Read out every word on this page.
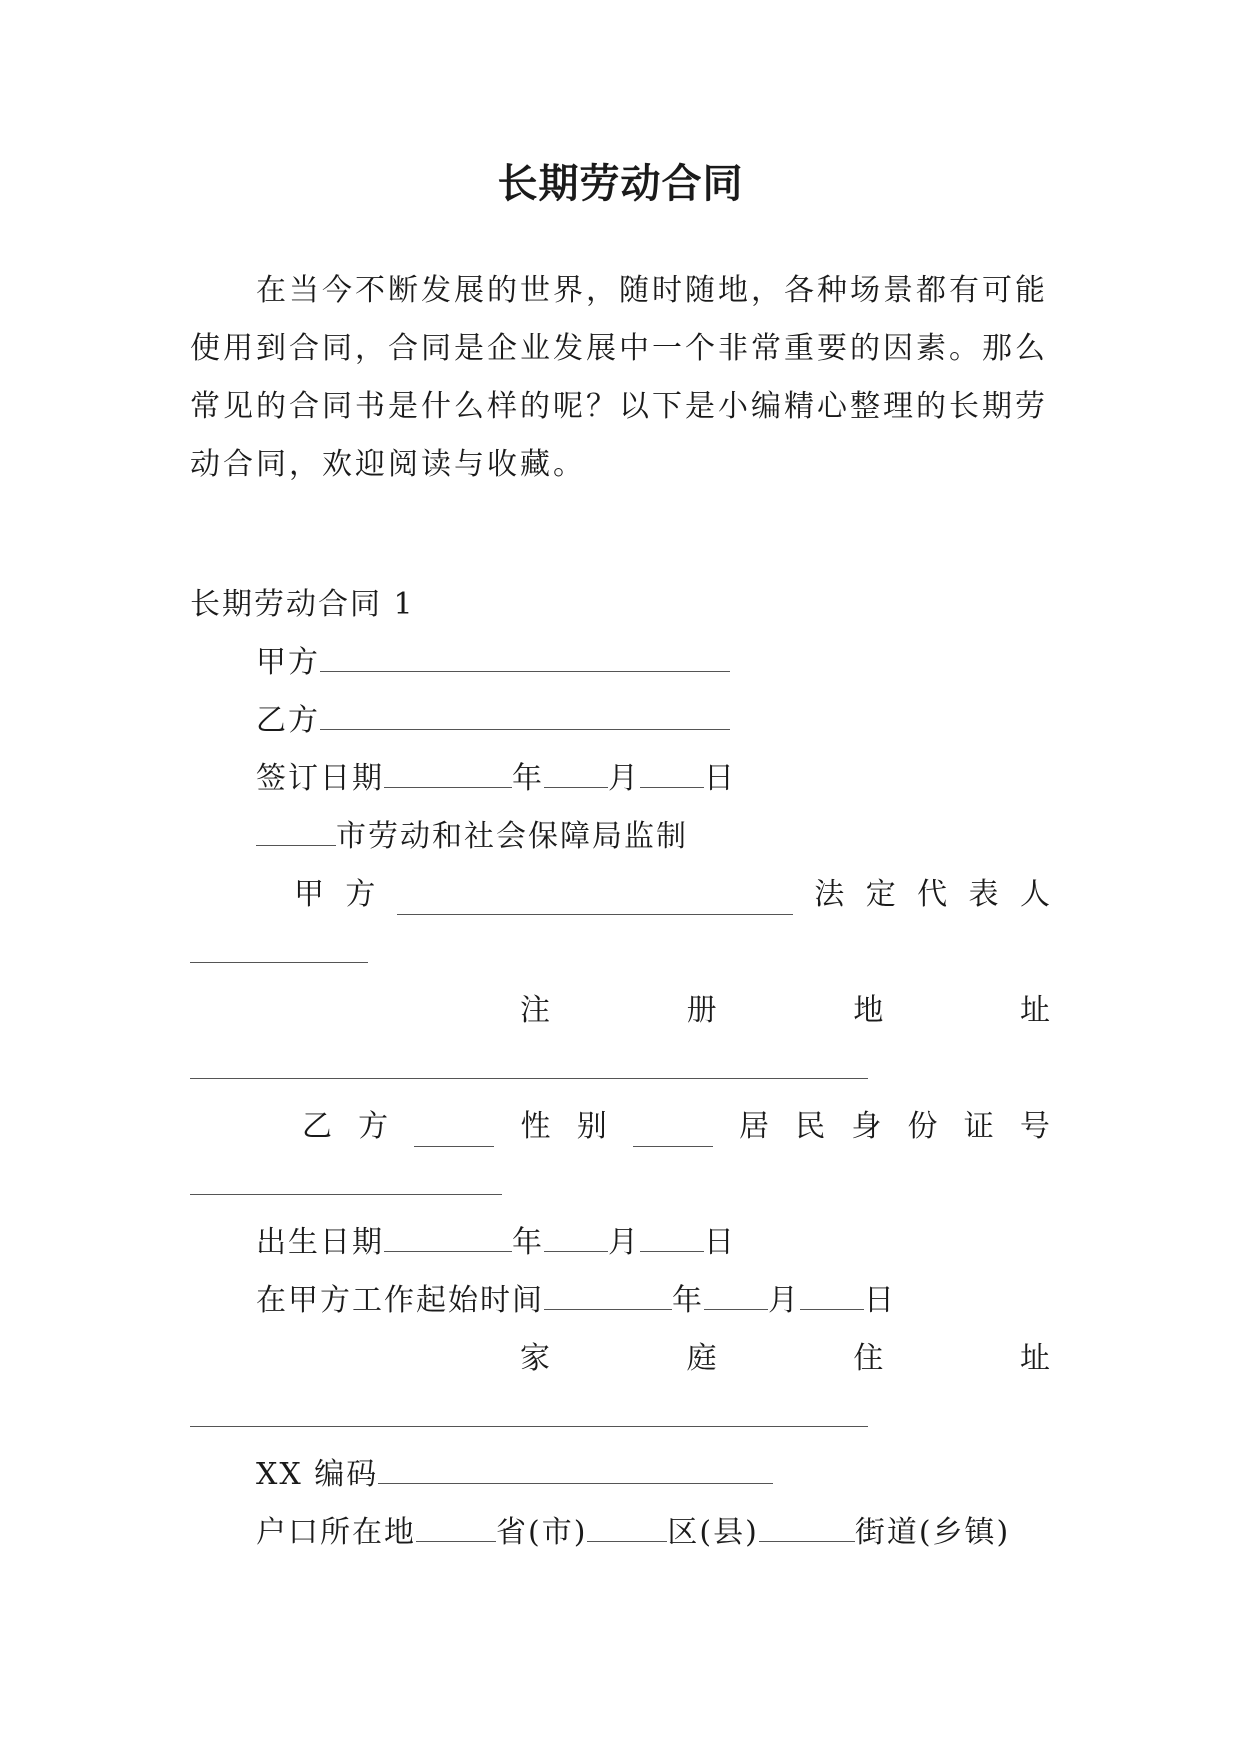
长期劳动合同

在当今不断发展的世界，随时随地，各种场景都有可能使用到合同，合同是企业发展中一个非常重要的因素。那么常见的合同书是什么样的呢？以下是小编精心整理的长期劳动合同，欢迎阅读与收藏。

长期劳动合同 1
甲方
乙方
签订日期	年 月 日
市劳动和社会保障局监制
甲 方	法 定 代 表 人
注	册	地	址
乙 方	性 别	居 民 身 份 证 号
出生日期	年 月 日
在甲方工作起始时间	年 月 日
家	庭	住	址
XX 编码
户口所在地	省(市)	区(县)	街道(乡镇)
